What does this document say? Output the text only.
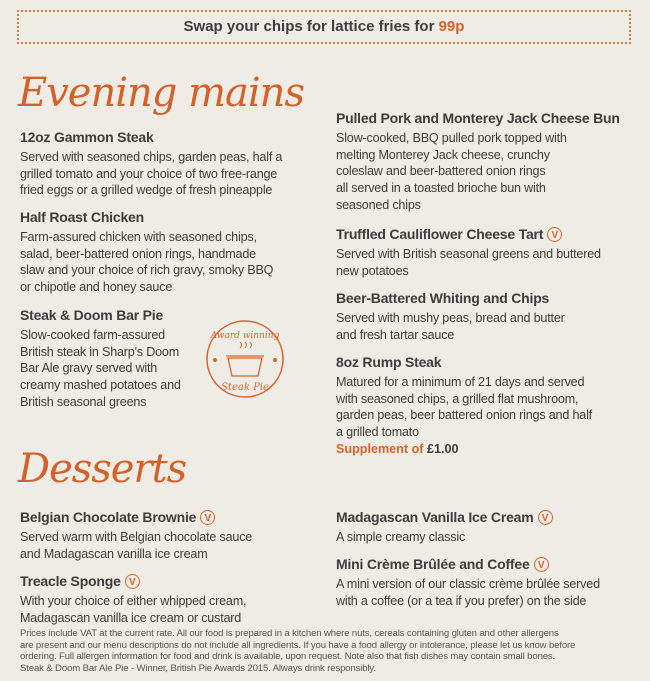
Swap your chips for lattice fries for 99p
Evening mains
Desserts
12oz Gammon Steak
Served with seasoned chips, garden peas, half a
grilled tomato and your choice of two free-range
fried eggs or a grilled wedge of fresh pineapple
Half Roast Chicken
Farm-assured chicken with seasoned chips,
salad, beer-battered onion rings, handmade
slaw and your choice of rich gravy, smoky BBQ
or chipotle and honey sauce
Steak & Doom Bar Pie
Slow-cooked farm-assured
British steak in Sharp's Doom
Bar Ale gravy served with
creamy mashed potatoes and
British seasonal greens
Pulled Pork and Monterey Jack Cheese Bun
Slow-cooked, BBQ pulled pork topped with
melting Monterey Jack cheese, crunchy
coleslaw and beer-battered onion rings
all served in a toasted brioche bun with
seasoned chips
Truffled Cauliflower Cheese Tart V
Served with British seasonal greens and buttered
new potatoes
Beer-Battered Whiting and Chips
Served with mushy peas, bread and butter
and fresh tartar sauce
8oz Rump Steak
Matured for a minimum of 21 days and served
with seasoned chips, a grilled flat mushroom,
garden peas, beer battered onion rings and half
a grilled tomato
Supplement of £1.00
Belgian Chocolate Brownie V
Served warm with Belgian chocolate sauce
and Madagascan vanilla ice cream
Treacle Sponge V
With your choice of either whipped cream,
Madagascan vanilla ice cream or custard
Madagascan Vanilla Ice Cream V
A simple creamy classic
Mini Crème Brûlée and Coffee V
A mini version of our classic crème brûlée served
with a coffee (or a tea if you prefer) on the side
Award winning
Steak Pie
Prices include VAT at the current rate. All our food is prepared in a kitchen where nuts, cereals containing gluten and other allergens
are present and our menu descriptions do not include all ingredients. If you have a food allergy or intolerance, please let us know before
ordering. Full allergen information for food and drink is available, upon request. Note also that fish dishes may contain small bones.
Steak & Doom Bar Ale Pie - Winner, British Pie Awards 2015. Always drink responsibly.
